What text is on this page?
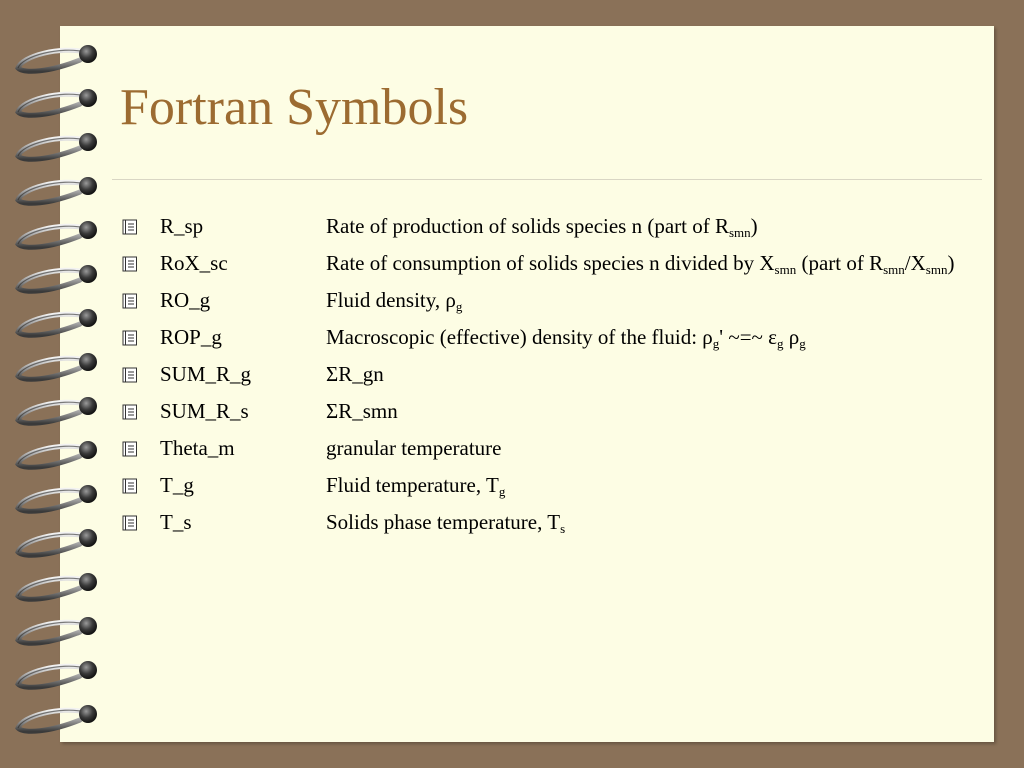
Fortran Symbols
R_sp	Rate of production of solids species n (part of $R_{smn}$)
RoX_sc	Rate of consumption of solids species n divided by $X_{smn}$ (part of $R_{smn}/X_{smn}$)
RO_g	Fluid density, $\rho_g$
ROP_g	Macroscopic (effective) density of the fluid: $\rho_g'$ ~=~ $\varepsilon_g$ $\rho_g$
SUM_R_g	ΣR_gn
SUM_R_s	ΣR_smn
Theta_m	granular temperature
T_g	Fluid temperature, $T_g$
T_s	Solids phase temperature, $T_s$
